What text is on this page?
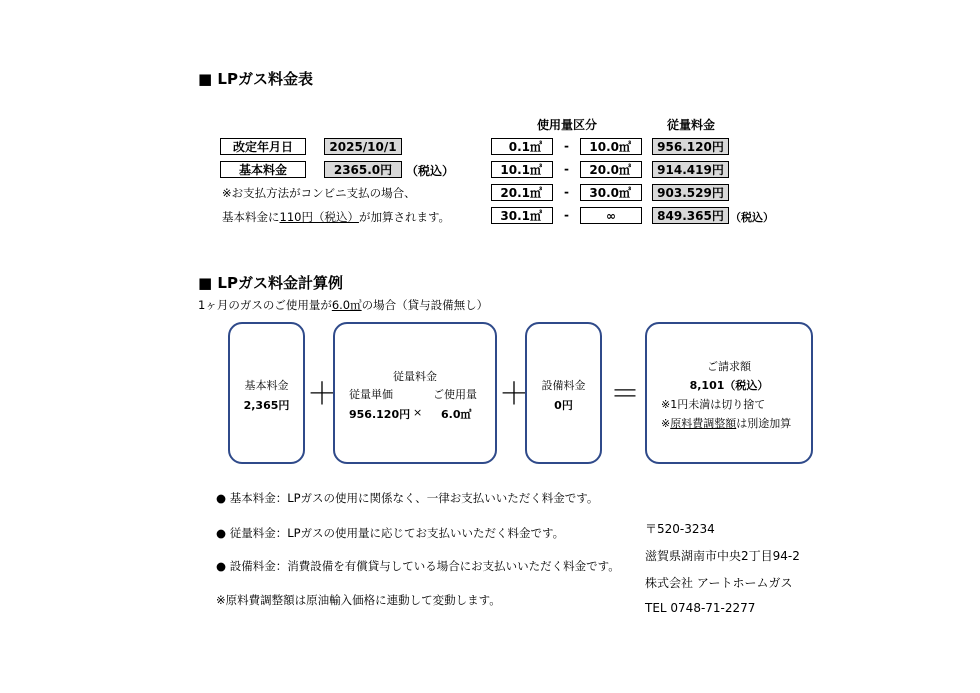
■ LPガス料金表
改定年月日	2025/10/1
基本料金	2365.0円	（税込）
※お支払方法がコンビニ支払の場合、
基本料金に110円（税込）が加算されます。
使用量区分	従量料金
0.1㎥	-	10.0㎥	956.120円
10.1㎥	-	20.0㎥	914.419円
20.1㎥	-	30.0㎥	903.529円
30.1㎥	-	∞	849.365円 （税込）
■ LPガス料金計算例
1ヶ月のガスのご使用量が6.0㎥の場合（貸与設備無し）
基本料金
2,365円 ＋
従量料金
従量単価	ご使用量
956.120円 × 6.0㎥
＋	設備料金
0円	＝
ご請求額
8,101（税込）
※1円未満は切り捨て
※原料費調整額は別途加算
● 基本料金：LPガスの使用に関係なく、一律お支払いいただく料金です。
● 従量料金：LPガスの使用量に応じてお支払いいただく料金です。
● 設備料金：消費設備を有償貸与している場合にお支払いいただく料金です。
※原料費調整額は原油輸入価格に連動して変動します。
〒520-3234
滋賀県湖南市中央2丁目94-2
株式会社 アートホームガス
TEL 0748-71-2277
